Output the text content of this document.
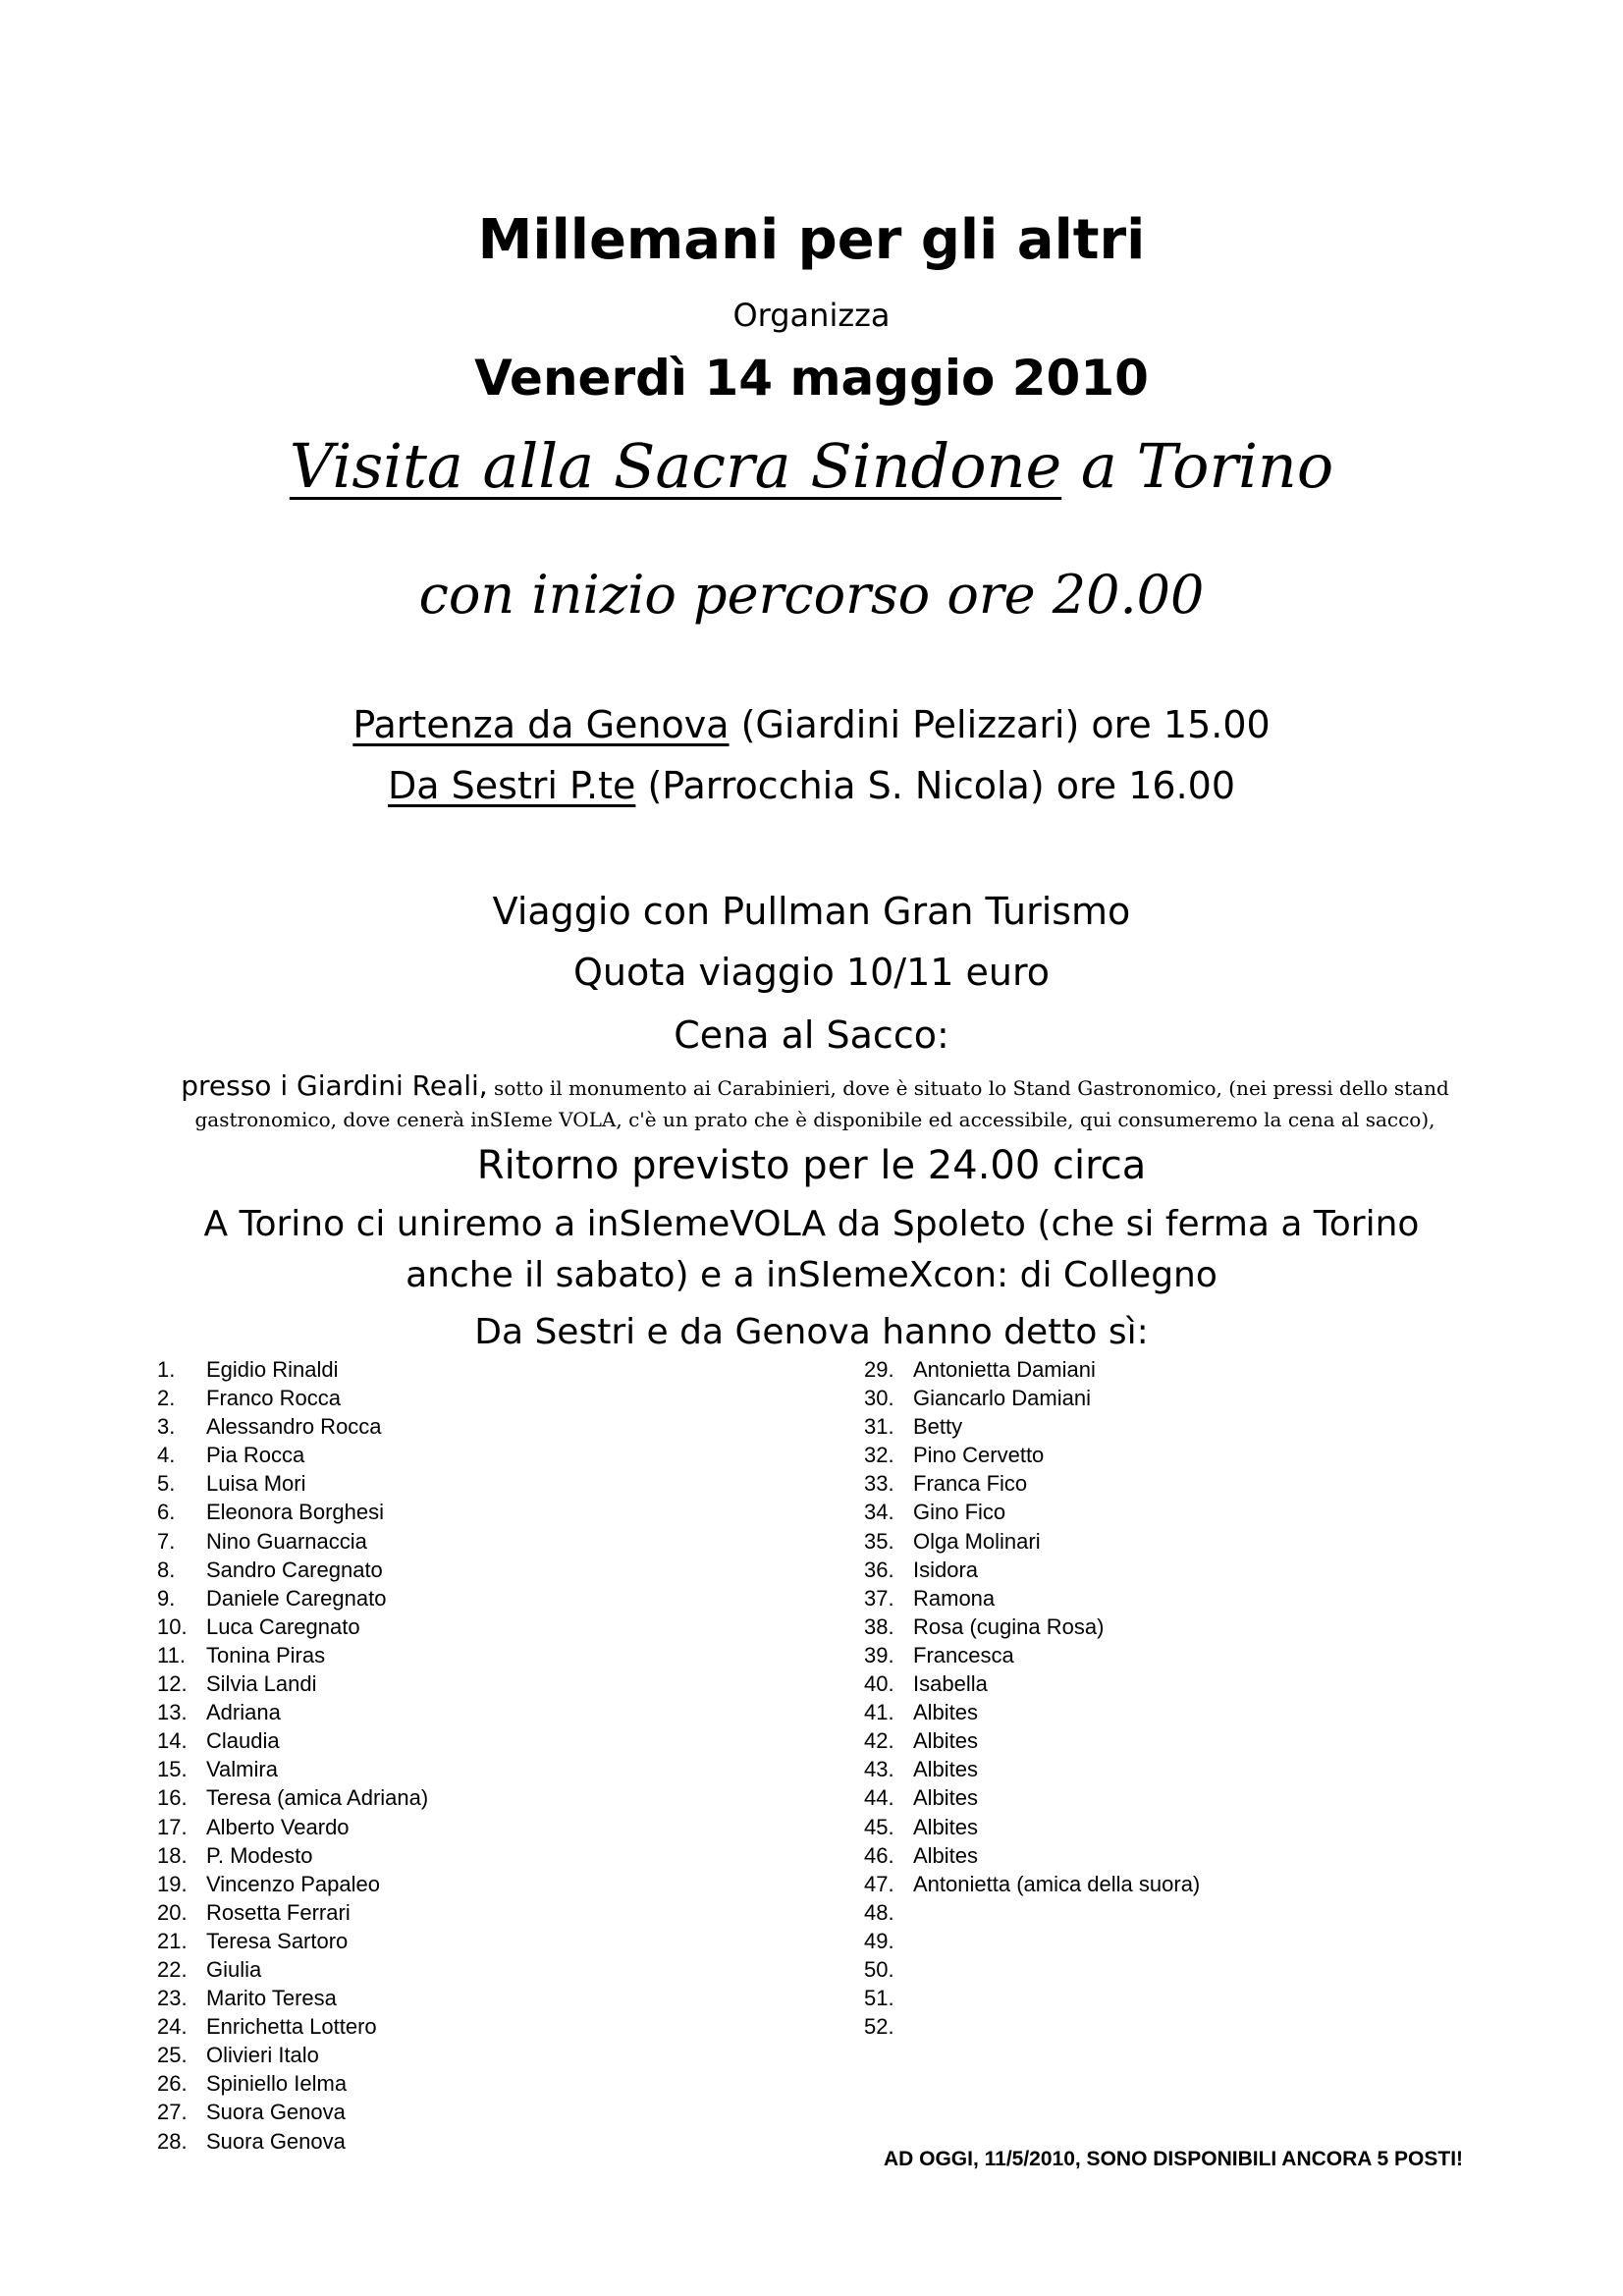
Millemani per gli altri
Organizza
Venerdì 14 maggio 2010
Visita alla Sacra Sindone a Torino
con inizio percorso ore 20.00
Partenza da Genova (Giardini Pelizzari) ore 15.00
Da Sestri P.te (Parrocchia S. Nicola) ore 16.00
Viaggio con Pullman Gran Turismo
Quota viaggio 10/11 euro
Cena al Sacco:
presso i Giardini Reali, sotto il monumento ai Carabinieri, dove è situato lo Stand Gastronomico, (nei pressi dello stand gastronomico, dove cenerà inSIeme VOLA, c'è un prato che è disponibile ed accessibile, qui consumeremo la cena al sacco),
Ritorno previsto per le 24.00 circa
A Torino ci uniremo a inSIemeVOLA da Spoleto (che si ferma a Torino
anche il sabato) e a inSIemeXcon: di Collegno
Da Sestri e da Genova hanno detto sì:
1. Egidio Rinaldi
2. Franco Rocca
3. Alessandro Rocca
4. Pia Rocca
5. Luisa Mori
6. Eleonora Borghesi
7. Nino Guarnaccia
8. Sandro Caregnato
9. Daniele Caregnato
10. Luca Caregnato
11. Tonina Piras
12. Silvia Landi
13. Adriana
14. Claudia
15. Valmira
16. Teresa (amica Adriana)
17. Alberto Veardo
18. P. Modesto
19. Vincenzo Papaleo
20. Rosetta Ferrari
21. Teresa Sartoro
22. Giulia
23. Marito Teresa
24. Enrichetta Lottero
25. Olivieri Italo
26. Spiniello Ielma
27. Suora Genova
28. Suora Genova
29. Antonietta Damiani
30. Giancarlo Damiani
31. Betty
32. Pino Cervetto
33. Franca Fico
34. Gino Fico
35. Olga Molinari
36. Isidora
37. Ramona
38. Rosa (cugina Rosa)
39. Francesca
40. Isabella
41. Albites
42. Albites
43. Albites
44. Albites
45. Albites
46. Albites
47. Antonietta (amica della suora)
48.
49.
50.
51.
52.
AD OGGI, 11/5/2010, SONO DISPONIBILI ANCORA 5 POSTI!
